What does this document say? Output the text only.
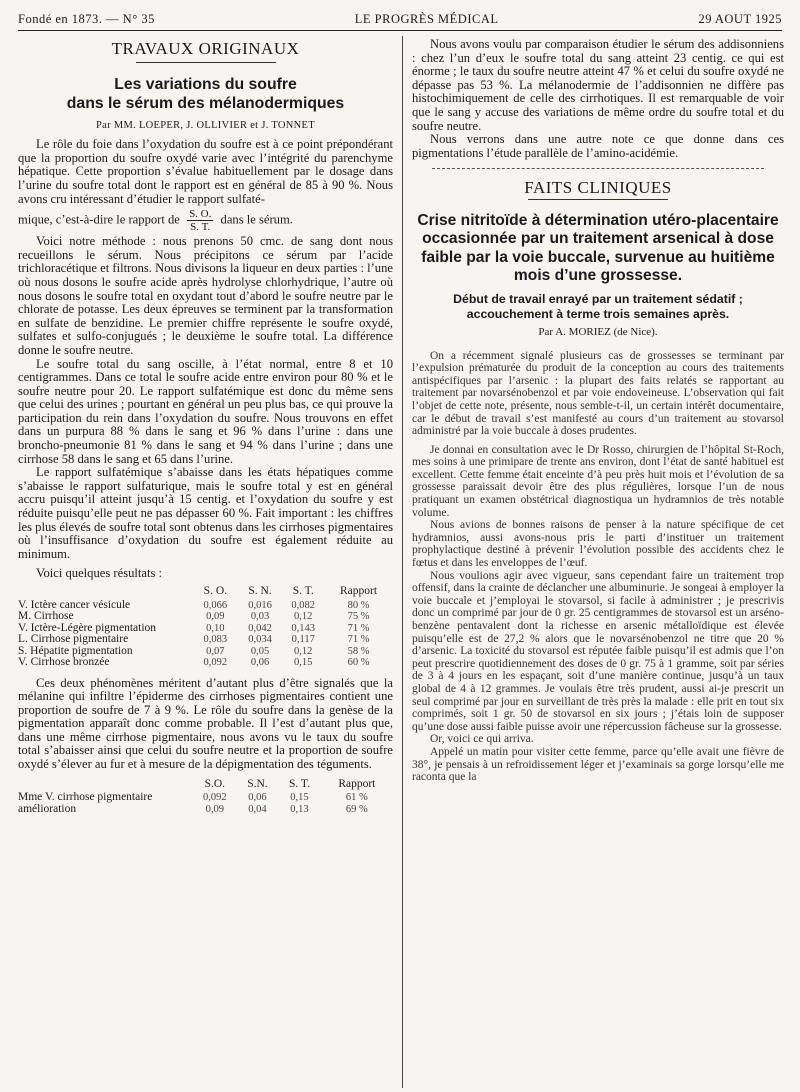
Fondé en 1873. — N° 35	LE PROGRÈS MÉDICAL	29 AOUT 1925
TRAVAUX ORIGINAUX
Les variations du soufre
dans le sérum des mélanodermiques
Par MM. LOEPER, J. OLLIVIER et J. TONNET

Le rôle du foie dans l’oxydation du soufre est à ce point prépondérant que la proportion du soufre oxydé varie avec l’intégrité du parenchyme hépatique. Cette proportion s’évalue habituellement par le dosage dans l’urine du soufre total dont le rapport est en général de 85 à 90 %. Nous avons cru intéressant d’étudier le rapport sulfaté-

mique, c’est-à-dire le rapport de $\frac{S. O.}{S. T.}$ dans le sérum.

Voici notre méthode : nous prenons 50 cmc. de sang dont nous recueillons le sérum. Nous précipitons ce sérum par l’acide trichloracétique et filtrons. Nous divisons la liqueur en deux parties : l’une où nous dosons le soufre acide après hydrolyse chlorhydrique, l’autre où nous dosons le soufre total en oxydant tout d’abord le soufre neutre par le chlorate de potasse. Les deux épreuves se terminent par la transformation en sulfate de benzidine. Le premier chiffre représente le soufre oxydé, sulfates et sulfo-conjugués ; le deuxième le soufre total. La différence donne le soufre neutre.

Le soufre total du sang oscille, à l’état normal, entre 8 et 10 centigrammes. Dans ce total le soufre acide entre environ pour 80 % et le soufre neutre pour 20. Le rapport sulfatémique est donc du même sens que celui des urines ; pourtant en général un peu plus bas, ce qui prouve la participation du rein dans l’oxydation du soufre. Nous trouvons en effet dans un purpura 88 % dans le sang et 96 % dans l’urine : dans une broncho-pneumonie 81 % dans le sang et 94 % dans l’urine ; dans une cirrhose 58 dans le sang et 65 dans l’urine.

Le rapport sulfatémique s’abaisse dans les états hépatiques comme s’abaisse le rapport sulfaturique, mais le soufre total y est en général accru puisqu’il atteint jusqu’à 15 centig. et l’oxydation du soufre y est réduite puisqu’elle peut ne pas dépasser 60 %. Fait important : les chiffres les plus élevés de soufre total sont obtenus dans les cirrhoses pigmentaires où l’insuffisance d’oxydation du soufre est également réduite au minimum.

Voici quelques résultats :
	S. O.	S. N.	S. T.	Rapport
V. Ictère cancer vésicule	0,066	0,016	0,082	80 %
M. Cirrhose	0,09	0,03	0,12	75 %
V. Ictère-Légère pigmentation	0,10	0,042	0,143	71 %
L. Cirrhose pigmentaire	0,083	0,034	0,117	71 %
S. Hépatite pigmentation	0,07	0,05	0,12	58 %
V. Cirrhose bronzée	0,092	0,06	0,15	60 %

Ces deux phénomènes méritent d’autant plus d’être signalés que la mélanine qui infiltre l’épiderme des cirrhoses pigmentaires contient une proportion de soufre de 7 à 9 %. Le rôle du soufre dans la genèse de la pigmentation apparaît donc comme probable. Il l’est d’autant plus que, dans une même cirrhose pigmentaire, nous avons vu le taux du soufre total s’abaisser ainsi que celui du soufre neutre et la proportion de soufre oxydé s’élever au fur et à mesure de la dépigmentation des téguments.

	S.O.	S.N.	S. T.	Rapport
Mme V. cirrhose pigmentaire	0,092	0,06	0,15	61 %
amélioration	0,09	0,04	0,13	69 %

Nous avons voulu par comparaison étudier le sérum des addisonniens : chez l’un d’eux le soufre total du sang atteint 23 centig. ce qui est énorme ; le taux du soufre neutre atteint 47 % et celui du soufre oxydé ne dépasse pas 53 %. La mélanodermie de l’addisonnien ne diffère pas histochimiquement de celle des cirrhotiques. Il est remarquable de voir que le sang y accuse des variations de même ordre du soufre total et du soufre neutre.

Nous verrons dans une autre note ce que donne dans ces pigmentations l’étude parallèle de l’amino-acidémie.

FAITS CLINIQUES
Crise nitritoïde à détermination utéro-placentaire occasionnée par un traitement arsenical à dose faible par la voie buccale, survenue au huitième mois d’une grossesse.
Début de travail enrayé par un traitement sédatif ; accouchement à terme trois semaines après.
Par A. MORIEZ (de Nice).

On a récemment signalé plusieurs cas de grossesses se terminant par l’expulsion prématurée du produit de la conception au cours des traitements antispécifiques par l’arsenic : la plupart des faits relatés se rapportant au traitement par novarsénobenzol et par voie endoveineuse. L’observation qui fait l’objet de cette note, présente, nous semble-t-il, un certain intérêt documentaire, car le début de travail s’est manifesté au cours d’un traitement au stovarsol administré par la voie buccale à doses prudentes.

Je donnai en consultation avec le Dr Rosso, chirurgien de l’hôpital St-Roch, mes soins à une primipare de trente ans environ, dont l’état de santé habituel est excellent. Cette femme était enceinte d’à peu près huit mois et l’évolution de sa grossesse paraissait devoir être des plus régulières, lorsque l’un de nous pratiquant un examen obstétrical diagnostiqua un hydramnios de très notable volume.

Nous avions de bonnes raisons de penser à la nature spécifique de cet hydramnios, aussi avons-nous pris le parti d’instituer un traitement prophylactique destiné à prévenir l’évolution possible des accidents chez le fœtus et dans les enveloppes de l’œuf.

Nous voulions agir avec vigueur, sans cependant faire un traitement trop offensif, dans la crainte de déclancher une albuminurie. Je songeai à employer la voie buccale et j’employai le stovarsol, si facile à administrer ; je prescrivis donc un comprimé par jour de 0 gr. 25 centigrammes de stovarsol est un arséno-benzène pentavalent dont la richesse en arsenic métalloïdique est élevée puisqu’elle est de 27,2 % alors que le novarsénobenzol ne titre que 20 % d’arsenic. La toxicité du stovarsol est réputée faible puisqu’il est admis que l’on peut prescrire quotidiennement des doses de 0 gr. 75 à 1 gramme, soit par séries de 3 à 4 jours en les espaçant, soit d’une manière continue, jusqu’à un taux global de 4 à 12 grammes. Je voulais être très prudent, aussi ai-je prescrit un seul comprimé par jour en surveillant de très près la malade : elle prit en tout six comprimés, soit 1 gr. 50 de stovarsol en six jours ; j’étais loin de supposer qu’une dose aussi faible puisse avoir une répercussion fâcheuse sur la grossesse.

Or, voici ce qui arriva.

Appelé un matin pour visiter cette femme, parce qu’elle avait une fièvre de 38°, je pensais à un refroidissement léger et j’examinais sa gorge lorsqu’elle me raconta que la
